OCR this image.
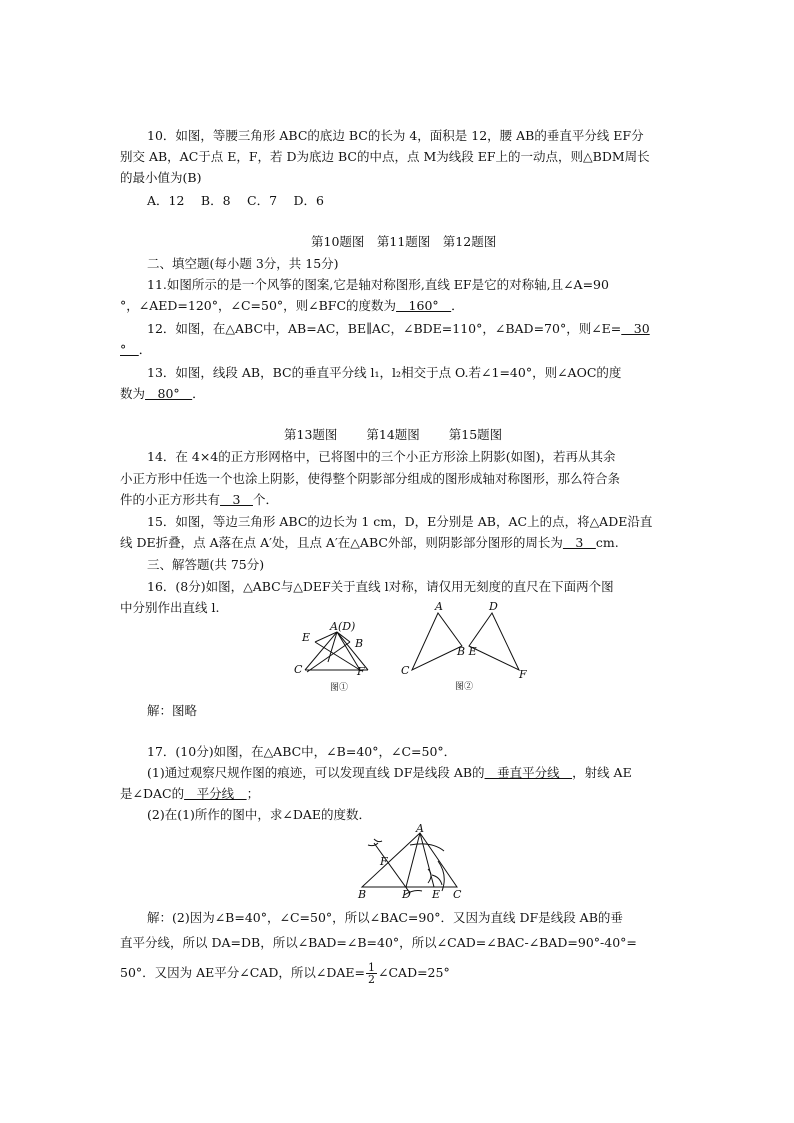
10．如图，等腰三角形 ABC的底边 BC的长为 4，面积是 12，腰 AB的垂直平分线 EF分
别交 AB，AC于点 E，F，若 D为底边 BC的中点，点 M为线段 EF上的一动点，则△BDM周长
的最小值为(B)
A．12　 B．8　 C．7　 D．6
第10题图　第11题图　第12题图
二、填空题(每小题 3分，共 15分)
11.如图所示的是一个风筝的图案,它是轴对称图形,直线 EF是它的对称轴,且∠A=90
°，∠AED=120°，∠C=50°，则∠BFC的度数为　160°　．
12．如图，在△ABC中，AB=AC，BE∥AC，∠BDE=110°，∠BAD=70°，则∠E=　30
°　．
13．如图，线段 AB，BC的垂直平分线 l₁，l₂相交于点 O.若∠1=40°，则∠AOC的度
数为　80°　．
第13题图　　 第14题图　　 第15题图
14．在 4×4的正方形网格中，已将图中的三个小正方形涂上阴影(如图)，若再从其余
小正方形中任选一个也涂上阴影，使得整个阴影部分组成的图形成轴对称图形，那么符合条
件的小正方形共有　3　个．
15．如图，等边三角形 ABC的边长为 1 cm，D，E分别是 AB，AC上的点，将△ADE沿直
线 DE折叠，点 A落在点 A′处，且点 A′在△ABC外部，则阴影部分图形的周长为　3　cm.
三、解答题(共 75分)
16．(8分)如图，△ABC与△DEF关于直线 l对称，请仅用无刻度的直尺在下面两个图
中分别作出直线 l.
A(D)
E	B
C	F
图①
A	D
B E
C	F
图②
解：图略
17．(10分)如图，在△ABC中，∠B=40°，∠C=50°．
(1)通过观察尺规作图的痕迹，可以发现直线 DF是线段 AB的　垂直平分线　，射线 AE
是∠DAC的　平分线　；
(2)在(1)所作的图中，求∠DAE的度数．
A
F
B	D E C
解：(2)因为∠B=40°，∠C=50°，所以∠BAC=90°．又因为直线 DF是线段 AB的垂
直平分线，所以 DA=DB，所以∠BAD=∠B=40°，所以∠CAD=∠BAC-∠BAD=90°-40°=
50°．又因为 AE平分∠CAD，所以∠DAE= $\frac{1}{2}$ ∠CAD=25°
